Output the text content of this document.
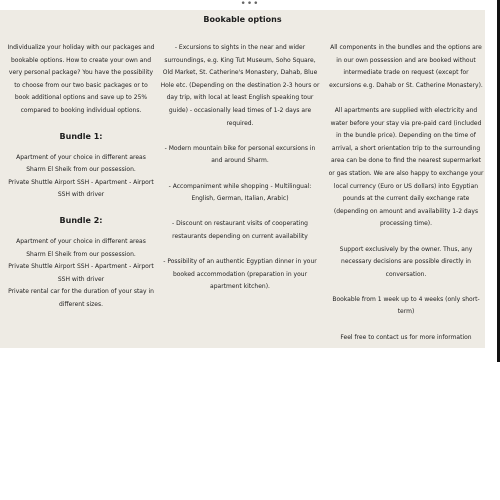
•••
Bookable options

Individualize your holiday with our packages and bookable options. How to create your own and very personal package? You have the possibility to choose from our two basic packages or to book additional options and save up to 25% compared to booking individual options.

Bundle 1:
Apartment of your choice in different areas Sharm El Sheik from our possession.
Private Shuttle Airport SSH - Apartment - Airport SSH with driver
Bundle 2:
Apartment of your choice in different areas Sharm El Sheik from our possession.
Private Shuttle Airport SSH - Apartment - Airport SSH with driver
Private rental car for the duration of your stay in different sizes.
- Excursions to sights in the near and wider surroundings, e.g. King Tut Museum, Soho Square, Old Market, St. Catherine's Monastery, Dahab, Blue Hole etc. (Depending on the destination 2-3 hours or day trip, with local at least English speaking tour guide) - occasionally lead times of 1-2 days are required.
- Modern mountain bike for personal excursions in and around Sharm.
- Accompaniment while shopping - Multilingual: English, German, Italian, Arabic)
- Discount on restaurant visits of cooperating restaurants depending on current availability
- Possibility of an authentic Egyptian dinner in your booked accommodation (preparation in your apartment kitchen).

All components in the bundles and the options are in our own possession and are booked without intermediate trade on request (except for excursions e.g. Dahab or St. Catherine Monastery).

All apartments are supplied with electricity and water before your stay via pre-paid card (included in the bundle price). Depending on the time of arrival, a short orientation trip to the surrounding area can be done to find the nearest supermarket or gas station. We are also happy to exchange your local currency (Euro or US dollars) into Egyptian pounds at the current daily exchange rate (depending on amount and availability 1-2 days processing time).

Support exclusively by the owner. Thus, any necessary decisions are possible directly in conversation.

Bookable from 1 week up to 4 weeks (only short-term)

Feel free to contact us for more information
